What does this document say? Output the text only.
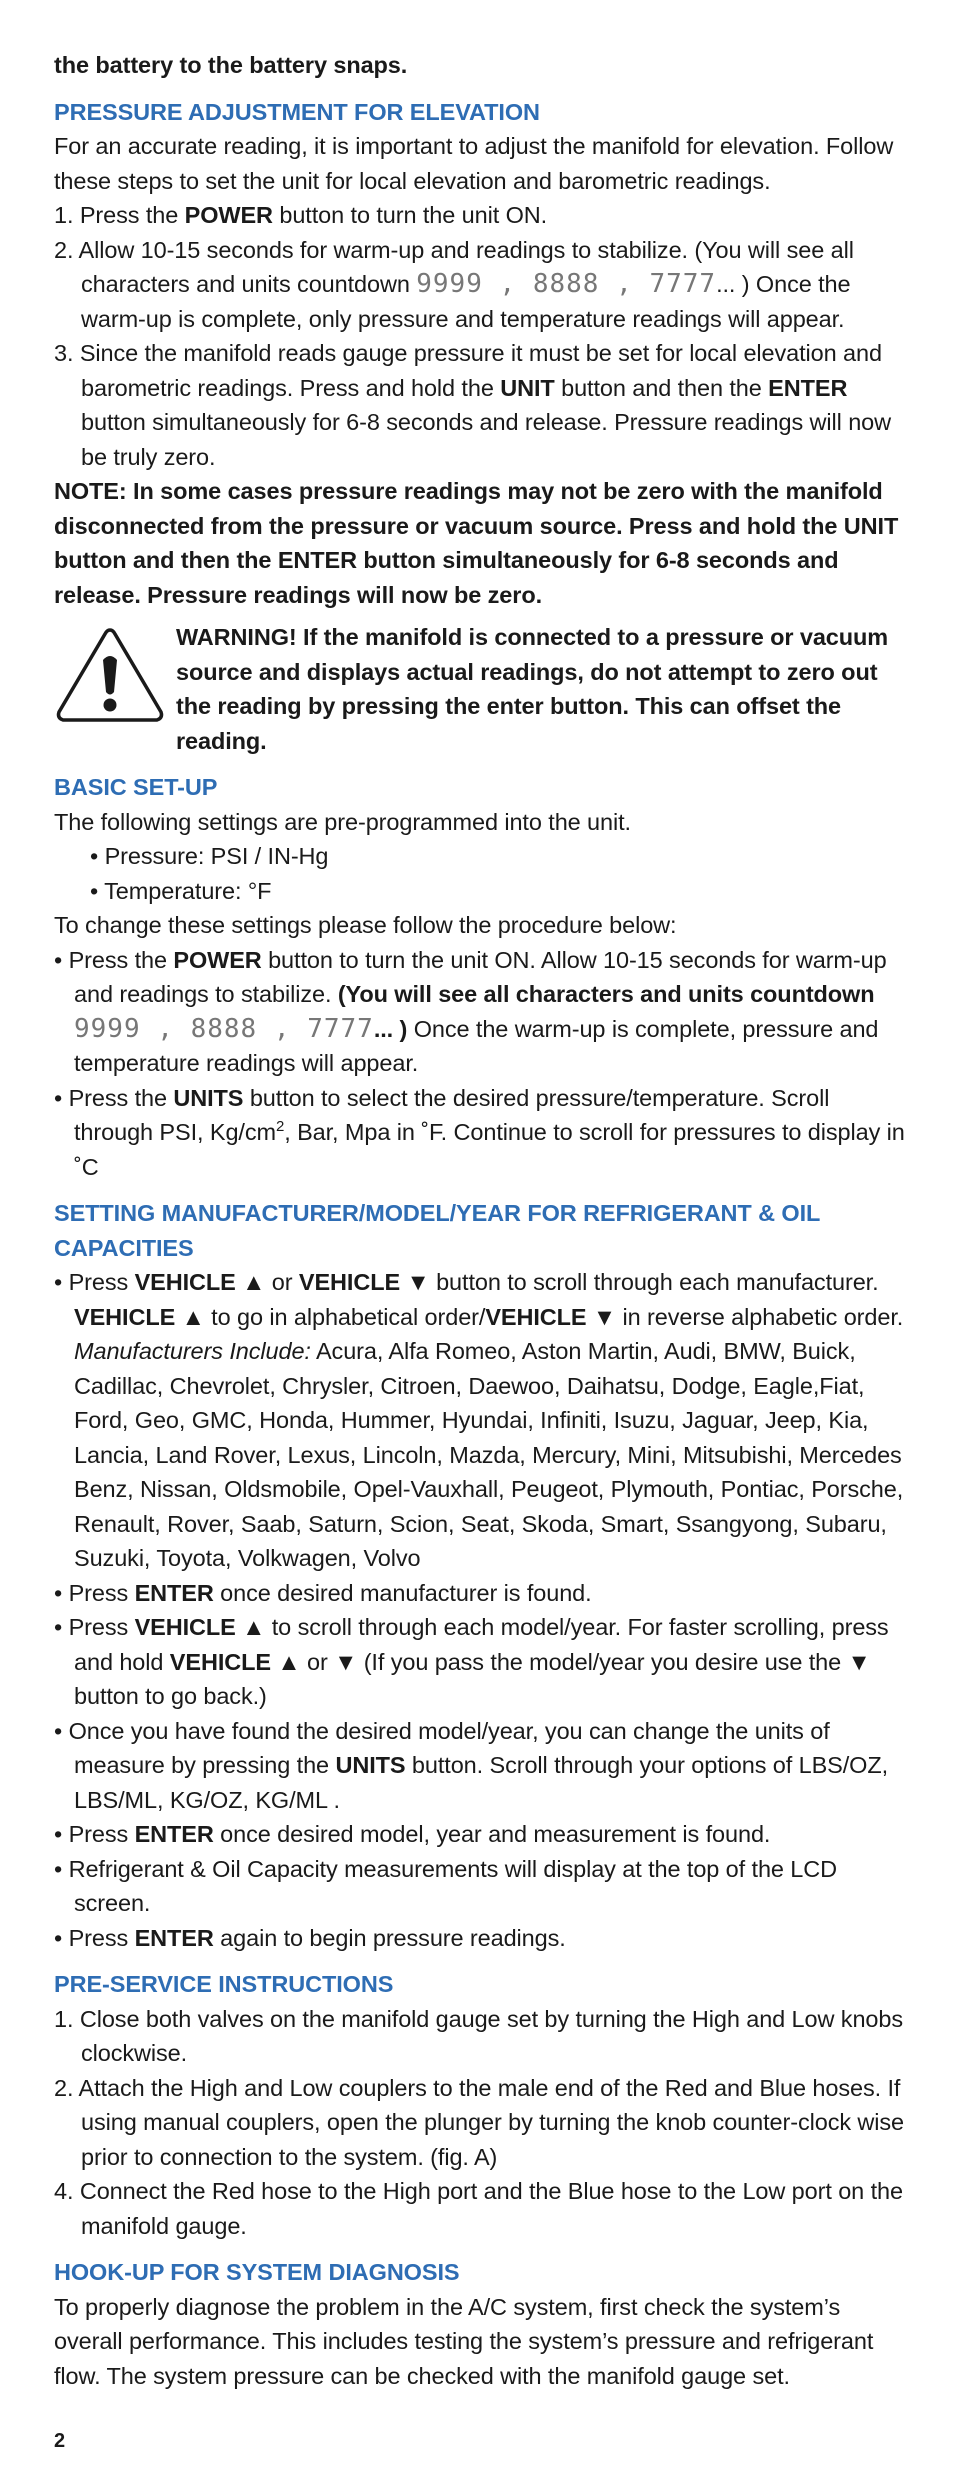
the battery to the battery snaps.

PRESSURE ADJUSTMENT FOR ELEVATION

For an accurate reading, it is important to adjust the manifold for elevation. Follow these steps to set the unit for local elevation and barometric readings.

1. Press the POWER button to turn the unit ON.
2. Allow 10-15 seconds for warm-up and readings to stabilize. (You will see all characters and units countdown 9999 , 8888 , 7777... ) Once the warm-up is complete, only pressure and temperature readings will appear.
3. Since the manifold reads gauge pressure it must be set for local elevation and barometric readings. Press and hold the UNIT button and then the ENTER button simultaneously for 6-8 seconds and release. Pressure readings will now be truly zero.

NOTE: In some cases pressure readings may not be zero with the manifold disconnected from the pressure or vacuum source. Press and hold the UNIT button and then the ENTER button simultaneously for 6-8 seconds and release. Pressure readings will now be zero.

WARNING! If the manifold is connected to a pressure or vacuum source and displays actual readings, do not attempt to zero out the reading by pressing the enter button. This can offset the reading.

BASIC SET-UP

The following settings are pre-programmed into the unit.

• Pressure: PSI / IN-Hg
• Temperature: °F

To change these settings please follow the procedure below:

• Press the POWER button to turn the unit ON. Allow 10-15 seconds for warm-up and readings to stabilize. (You will see all characters and units countdown 9999 , 8888 , 7777... ) Once the warm-up is complete, pressure and temperature readings will appear.
• Press the UNITS button to select the desired pressure/temperature. Scroll through PSI, $Kg/cm^2$, Bar, Mpa in ˚F. Continue to scroll for pressures to display in ˚C

SETTING MANUFACTURER/MODEL/YEAR FOR REFRIGERANT & OIL CAPACITIES

• Press VEHICLE ▲ or VEHICLE ▼ button to scroll through each manufacturer. VEHICLE ▲ to go in alphabetical order/VEHICLE ▼ in reverse alphabetic order.
Manufacturers Include: Acura, Alfa Romeo, Aston Martin, Audi, BMW, Buick, Cadillac, Chevrolet, Chrysler, Citroen, Daewoo, Daihatsu, Dodge, Eagle,Fiat, Ford, Geo, GMC, Honda, Hummer, Hyundai, Infiniti, Isuzu, Jaguar, Jeep, Kia, Lancia, Land Rover, Lexus, Lincoln, Mazda, Mercury, Mini, Mitsubishi, Mercedes Benz, Nissan, Oldsmobile, Opel-Vauxhall, Peugeot, Plymouth, Pontiac, Porsche, Renault, Rover, Saab, Saturn, Scion, Seat, Skoda, Smart, Ssangyong, Subaru, Suzuki, Toyota, Volkwagen, Volvo
• Press ENTER once desired manufacturer is found.
• Press VEHICLE ▲ to scroll through each model/year. For faster scrolling, press and hold VEHICLE ▲ or ▼ (If you pass the model/year you desire use the ▼ button to go back.)
• Once you have found the desired model/year, you can change the units of measure by pressing the UNITS button. Scroll through your options of LBS/OZ, LBS/ML, KG/OZ, KG/ML .
• Press ENTER once desired model, year and measurement is found.
• Refrigerant & Oil Capacity measurements will display at the top of the LCD screen.
• Press ENTER again to begin pressure readings.

PRE-SERVICE INSTRUCTIONS

1. Close both valves on the manifold gauge set by turning the High and Low knobs clockwise.
2. Attach the High and Low couplers to the male end of the Red and Blue hoses. If using manual couplers, open the plunger by turning the knob counter-clock wise prior to connection to the system. (fig. A)
4. Connect the Red hose to the High port and the Blue hose to the Low port on the manifold gauge.

HOOK-UP FOR SYSTEM DIAGNOSIS

To properly diagnose the problem in the A/C system, first check the system’s overall performance. This includes testing the system’s pressure and refrigerant flow. The system pressure can be checked with the manifold gauge set.

2
